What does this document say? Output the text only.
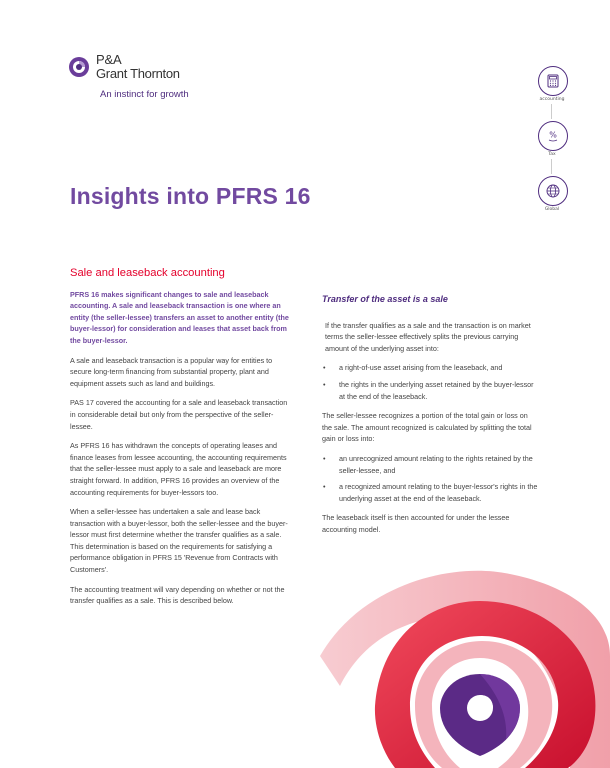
P&A
Grant Thornton
An instinct for growth	accounting
%
Tax
Global
Insights into PFRS 16
Sale and leaseback accounting

PFRS 16 makes significant changes to sale and leaseback accounting. A sale and leaseback transaction is one where an entity (the seller-lessee) transfers an asset to another entity (the buyer-lessor) for consideration and leases that asset back from the buyer-lessor.

A sale and leaseback transaction is a popular way for entities to secure long-term financing from substantial property, plant and equipment assets such as land and buildings.

PAS 17 covered the accounting for a sale and leaseback transaction in considerable detail but only from the perspective of the seller-lessee.

As PFRS 16 has withdrawn the concepts of operating leases and finance leases from lessee accounting, the accounting requirements that the seller-lessee must apply to a sale and leaseback are more straight forward. In addition, PFRS 16 provides an overview of the accounting requirements for buyer-lessors too.

When a seller-lessee has undertaken a sale and lease back transaction with a buyer-lessor, both the seller-lessee and the buyer-lessor must first determine whether the transfer qualifies as a sale. This determination is based on the requirements for satisfying a performance obligation in PFRS 15 'Revenue from Contracts with Customers'.

The accounting treatment will vary depending on whether or not the transfer qualifies as a sale. This is described below.

Transfer of the asset is a sale

If the transfer qualifies as a sale and the transaction is on market terms the seller-lessee effectively splits the previous carrying amount of the underlying asset into:

• a right-of-use asset arising from the leaseback, and
• the rights in the underlying asset retained by the buyer-lessor at the end of the leaseback.

The seller-lessee recognizes a portion of the total gain or loss on the sale. The amount recognized is calculated by splitting the total gain or loss into:

• an unrecognized amount relating to the rights retained by the seller-lessee, and
• a recognized amount relating to the buyer-lessor's rights in the underlying asset at the end of the leaseback.

The leaseback itself is then accounted for under the lessee accounting model.
